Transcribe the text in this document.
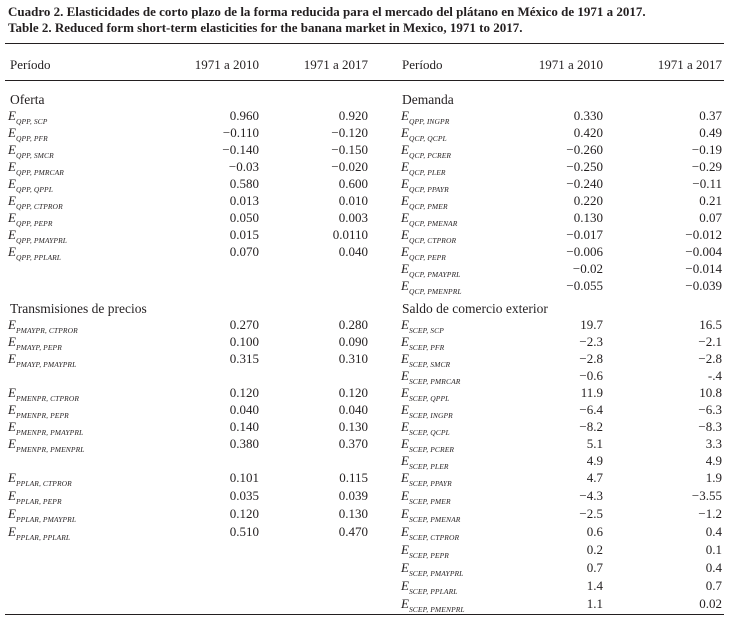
Cuadro 2. Elasticidades de corto plazo de la forma reducida para el mercado del plátano en México de 1971 a 2017.
Table 2. Reduced form short-term elasticities for the banana market in Mexico, 1971 to 2017.
Período	1971 a 2010	1971 a 2017	Período	1971 a 2010	1971 a 2017
Oferta
$E_{QPP, SCP}$	0.960	0.920
$E_{QPP, PFR}$	−0.110	−0.120
$E_{QPP, SMCR}$	−0.140	−0.150
$E_{QPP, PMRCAR}$	−0.03	−0.020
$E_{QPP, QPPL}$	0.580	0.600
$E_{QPP, CTPROR}$	0.013	0.010
$E_{QPP, PEPR}$	0.050	0.003
$E_{QPP, PMAYPRL}$	0.015	0.0110
$E_{QPP, PPLARL}$	0.070	0.040
Transmisiones de precios
$E_{PMAYPR, CTPROR}$	0.270	0.280
$E_{PMAYP, PEPR}$	0.100	0.090
$E_{PMAYP, PMAYPRL}$	0.315	0.310
$E_{PMENPR, CTPROR}$	0.120	0.120
$E_{PMENPR, PEPR}$	0.040	0.040
$E_{PMENPR, PMAYPRL}$	0.140	0.130
$E_{PMENPR, PMENPRL}$	0.380	0.370
$E_{PPLAR, CTPROR}$	0.101	0.115
$E_{PPLAR, PEPR}$	0.035	0.039
$E_{PPLAR, PMAYPRL}$	0.120	0.130
$E_{PPLAR, PPLARL}$	0.510	0.470
Demanda
$E_{QPP, INGPR}$	0.330	0.37
$E_{QCP, QCPL}$	0.420	0.49
$E_{QCP, PCRER}$	−0.260	−0.19
$E_{QCP, PLER}$	−0.250	−0.29
$E_{QCP, PPAYR}$	−0.240	−0.11
$E_{QCP, PMER}$	0.220	0.21
$E_{QCP, PMENAR}$	0.130	0.07
$E_{QCP, CTPROR}$	−0.017	−0.012
$E_{QCP, PEPR}$	−0.006	−0.004
$E_{QCP, PMAYPRL}$	−0.02	−0.014
$E_{QCP, PMENPRL}$	−0.055	−0.039
Saldo de comercio exterior
$E_{SCEP, SCP}$	19.7	16.5
$E_{SCEP, PFR}$	−2.3	−2.1
$E_{SCEP, SMCR}$	−2.8	−2.8
$E_{SCEP, PMRCAR}$	−0.6	-.4
$E_{SCEP, QPPL}$	11.9	10.8
$E_{SCEP, INGPR}$	−6.4	−6.3
$E_{SCEP, QCPL}$	−8.2	−8.3
$E_{SCEP, PCRER}$	5.1	3.3
$E_{SCEP, PLER}$	4.9	4.9
$E_{SCEP, PPAYR}$	4.7	1.9
$E_{SCEP, PMER}$	−4.3	−3.55
$E_{SCEP, PMENAR}$	−2.5	−1.2
$E_{SCEP, CTPROR}$	0.6	0.4
$E_{SCEP, PEPR}$	0.2	0.1
$E_{SCEP, PMAYPRL}$	0.7	0.4
$E_{SCEP, PPLARL}$	1.4	0.7
$E_{SCEP, PMENPRL}$	1.1	0.02
